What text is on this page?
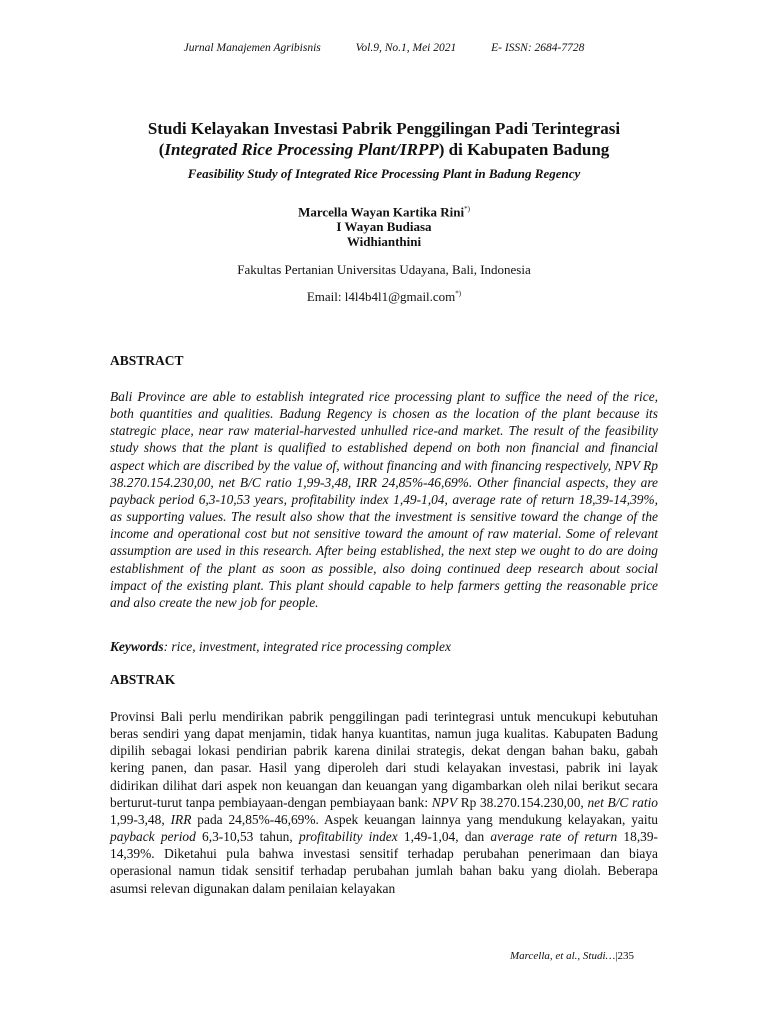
Jurnal Manajemen Agribisnis	Vol.9, No.1, Mei 2021	E- ISSN: 2684-7728
Studi Kelayakan Investasi Pabrik Penggilingan Padi Terintegrasi
(Integrated Rice Processing Plant/IRPP) di Kabupaten Badung
Feasibility Study of Integrated Rice Processing Plant in Badung Regency
Marcella Wayan Kartika Rini*)
I Wayan Budiasa
Widhianthini
Fakultas Pertanian Universitas Udayana, Bali, Indonesia
Email: l4l4b4l1@gmail.com*)
ABSTRACT
Bali Province are able to establish integrated rice processing plant to suffice the need of the rice, both quantities and qualities. Badung Regency is chosen as the location of the plant because its statregic place, near raw material-harvested unhulled rice-and market. The result of the feasibility study shows that the plant is qualified to established depend on both non financial and financial aspect which are discribed by the value of, without financing and with financing respectively, NPV Rp 38.270.154.230,00, net B/C ratio 1,99-3,48, IRR 24,85%-46,69%. Other financial aspects, they are payback period 6,3-10,53 years, profitability index 1,49-1,04, average rate of return 18,39-14,39%, as supporting values. The result also show that the investment is sensitive toward the change of the income and operational cost but not sensitive toward the amount of raw material. Some of relevant assumption are used in this research. After being established, the next step we ought to do are doing establishment of the plant as soon as possible, also doing continued deep research about social impact of the existing plant. This plant should capable to help farmers getting the reasonable price and also create the new job for people.
Keywords: rice, investment, integrated rice processing complex
ABSTRAK
Provinsi Bali perlu mendirikan pabrik penggilingan padi terintegrasi untuk mencukupi kebutuhan beras sendiri yang dapat menjamin, tidak hanya kuantitas, namun juga kualitas. Kabupaten Badung dipilih sebagai lokasi pendirian pabrik karena dinilai strategis, dekat dengan bahan baku, gabah kering panen, dan pasar. Hasil yang diperoleh dari studi kelayakan investasi, pabrik ini layak didirikan dilihat dari aspek non keuangan dan keuangan yang digambarkan oleh nilai berikut secara berturut-turut tanpa pembiayaan-dengan pembiayaan bank: NPV Rp 38.270.154.230,00, net B/C ratio 1,99-3,48, IRR pada 24,85%-46,69%. Aspek keuangan lainnya yang mendukung kelayakan, yaitu payback period 6,3-10,53 tahun, profitability index 1,49-1,04, dan average rate of return 18,39-14,39%. Diketahui pula bahwa investasi sensitif terhadap perubahan penerimaan dan biaya operasional namun tidak sensitif terhadap perubahan jumlah bahan baku yang diolah. Beberapa asumsi relevan digunakan dalam penilaian kelayakan
Marcella, et al., Studi…|235
